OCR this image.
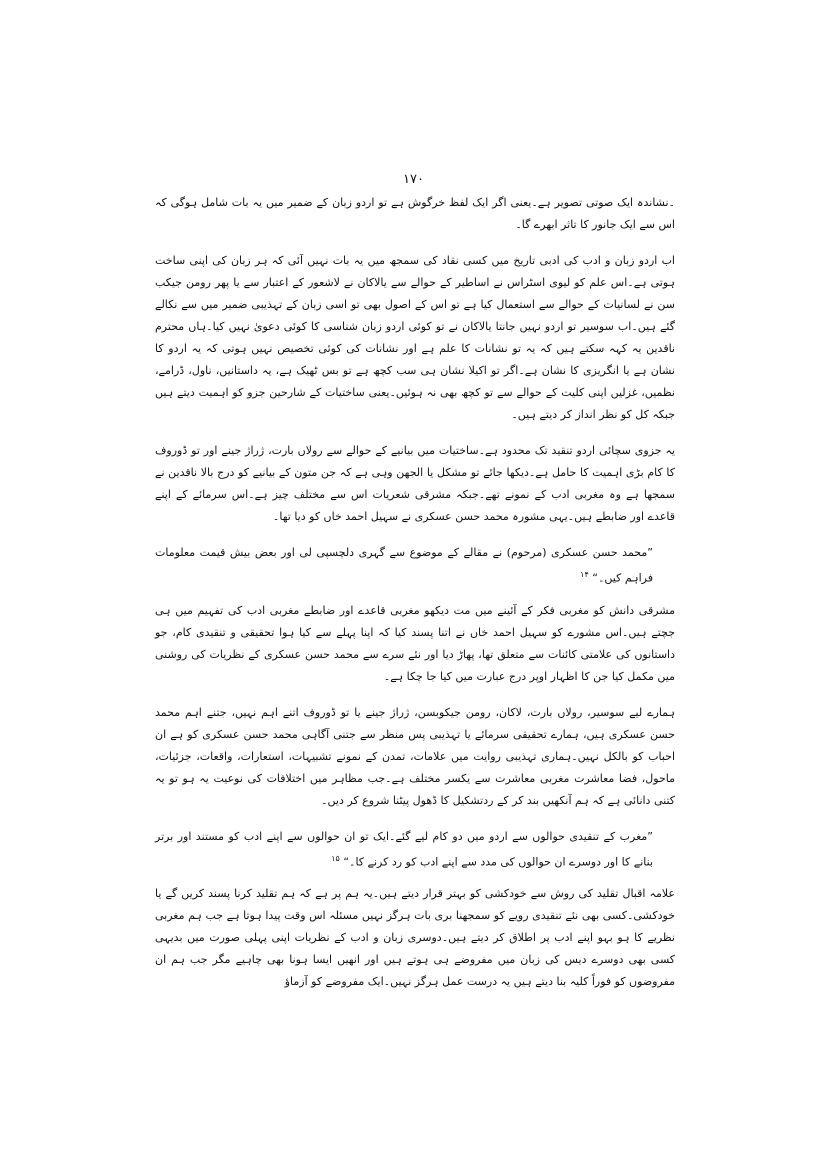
۱۷۰

۔نشاندہ ایک صوتی تصویر ہے۔یعنی اگر ایک لفظ خرگوش ہے تو اردو زبان کے ضمیر میں یہ بات شامل ہوگی کہ اس سے ایک جانور کا تاثر ابھرے گا۔

اب اردو زبان و ادب کی ادبی تاریخ میں کسی نقاد کی سمجھ میں یہ بات نہیں آئی کہ ہر زبان کی اپنی ساخت ہوتی ہے۔اس علم کو لیوی اسٹراس نے اساطیر کے حوالے سے یالاکان نے لاشعور کے اعتبار سے یا پھر رومن جیکب سن نے لسانیات کے حوالے سے استعمال کیا ہے تو اس کے اصول بھی تو اسی زبان کے تہذیبی ضمیر میں سے نکالے گئے ہیں۔اب سوسیر تو اردو نہیں جانتا یالاکان نے تو کوئی اردو زبان شناسی کا کوئی دعویٰ نہیں کیا۔ہاں محترم ناقدین یہ کہہ سکتے ہیں کہ یہ تو نشانات کا علم ہے اور نشانات کی کوئی تخصیص نہیں ہوتی کہ یہ اردو کا نشان ہے یا انگریزی کا نشان ہے۔اگر تو اکیلا نشان ہی سب کچھ ہے تو بس ٹھیک ہے، یہ داستانیں، ناول، ڈرامے، نظمیں، غزلیں اپنی کلیت کے حوالے سے تو کچھ بھی نہ ہوئیں۔یعنی ساختیات کے شارحین جزو کو اہمیت دیتے ہیں جبکہ کل کو نظر انداز کر دیتے ہیں۔

یہ جزوی سچائی اردو تنقید تک محدود ہے۔ساختیات میں بیانیے کے حوالے سے رولاں بارت، ژراژ جینے اور تو ڈوروف کا کام بڑی اہمیت کا حامل ہے۔دیکھا جائے تو مشکل یا الجھن وہی ہے کہ جن متون کے بیانیے کو درج بالا ناقدین نے سمجھا ہے وہ مغربی ادب کے نمونے تھے۔جبکہ مشرقی شعریات اس سے مختلف چیز ہے۔اس سرمائے کے اپنے قاعدے اور ضابطے ہیں۔یہی مشورہ محمد حسن عسکری نے سہیل احمد خاں کو دیا تھا۔

”محمد حسن عسکری (مرحوم) نے مقالے کے موضوع سے گہری دلچسپی لی اور بعض بیش قیمت معلومات فراہم کیں۔“ $^{۱۴}$

مشرقی دانش کو مغربی فکر کے آئینے میں مت دیکھو مغربی قاعدے اور ضابطے مغربی ادب کی تفہیم میں ہی جچتے ہیں۔اس مشورے کو سہیل احمد خاں نے اتنا پسند کیا کہ اپنا پہلے سے کیا ہوا تحقیقی و تنقیدی کام، جو داستانوں کی علامتی کائنات سے متعلق تھا، پھاڑ دیا اور نئے سرے سے محمد حسن عسکری کے نظریات کی روشنی میں مکمل کیا جن کا اظہار اوپر درج عبارت میں کیا جا چکا ہے۔

ہمارے لیے سوسیر، رولاں بارت، لاکان، رومن جیکوبسن، ژراژ جینے یا تو ڈوروف اتنے اہم نہیں، جتنے اہم محمد حسن عسکری ہیں، ہمارے تحقیقی سرمائے یا تہذیبی پس منظر سے جتنی آگاہی محمد حسن عسکری کو ہے ان احباب کو بالکل نہیں۔ہماری تہذیبی روایت میں علامات، تمدن کے نمونے تشبیہات، استعارات، واقعات، جزئیات، ماحول، فضا معاشرت مغربی معاشرت سے یکسر مختلف ہے۔جب مظاہر میں اختلافات کی نوعیت یہ ہو تو یہ کتنی دانائی ہے کہ ہم آنکھیں بند کر کے ردتشکیل کا ڈھول پیٹنا شروع کر دیں۔

”مغرب کے تنقیدی حوالوں سے اردو میں دو کام لیے گئے۔ایک تو ان حوالوں سے اپنے ادب کو مستند اور برتر بنانے کا اور دوسرے ان حوالوں کی مدد سے اپنے ادب کو رد کرنے کا۔“ $^{۱۵}$

علامہ اقبال تقلید کی روش سے خودکشی کو بہتر قرار دیتے ہیں۔یہ ہم پر ہے کہ ہم تقلید کرنا پسند کریں گے یا خودکشی۔کسی بھی نئے تنقیدی رویے کو سمجھنا بری بات ہرگز نہیں مسئلہ اس وقت پیدا ہوتا ہے جب ہم مغربی نظریے کا ہو بہو اپنے ادب پر اطلاق کر دیتے ہیں۔دوسری زبان و ادب کے نظریات اپنی پہلی صورت میں بدیہی کسی بھی دوسرے دیس کی زبان میں مفروضے ہی ہوتے ہیں اور انھیں ایسا ہونا بھی چاہیے مگر جب ہم ان مفروضوں کو فوراً کلیہ بنا دیتے ہیں یہ درست عمل ہرگز نہیں۔ایک مفروضے کو آزماؤ
